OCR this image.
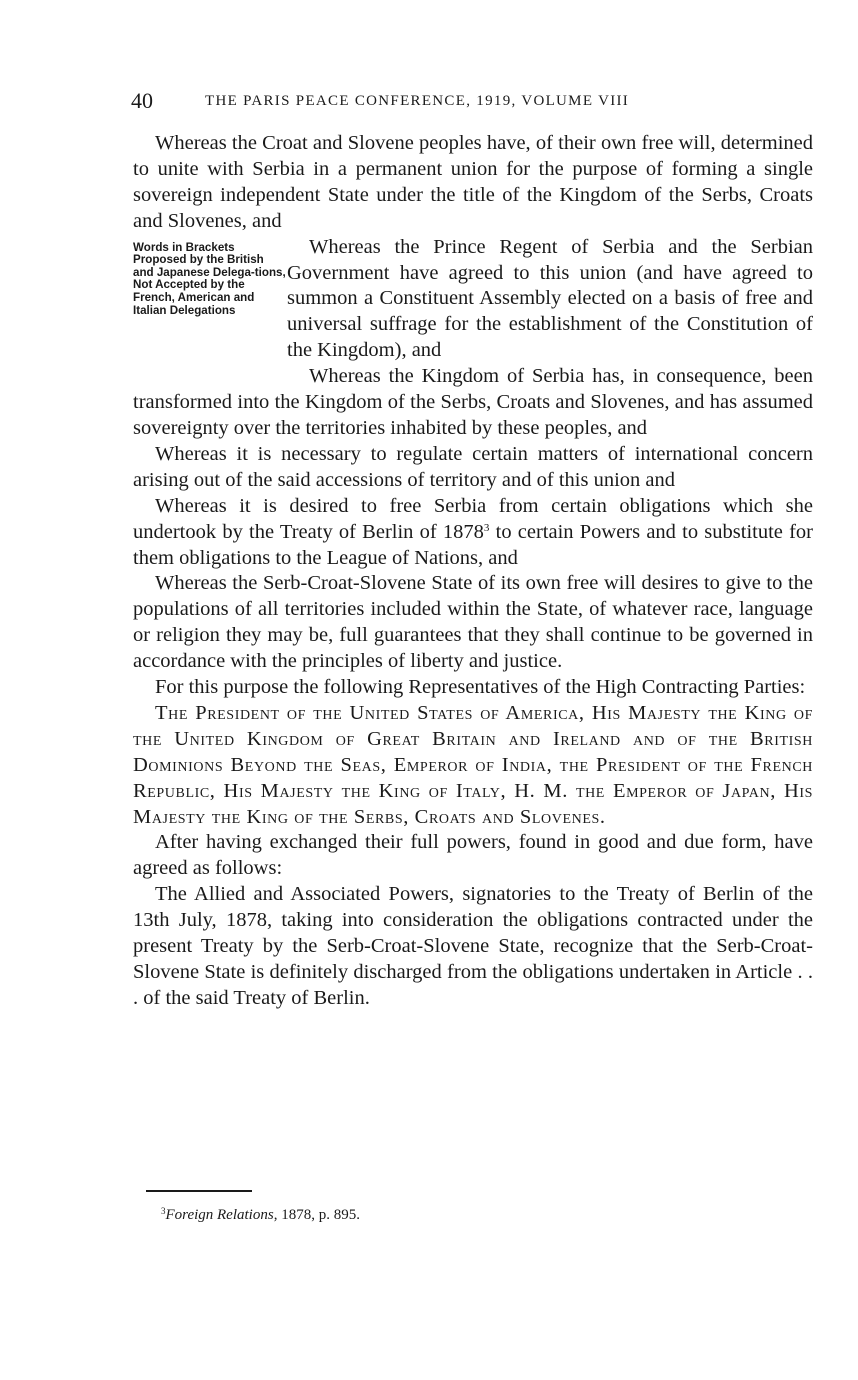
40	THE PARIS PEACE CONFERENCE, 1919, VOLUME VIII

Whereas the Croat and Slovene peoples have, of their own free will, determined to unite with Serbia in a permanent union for the purpose of forming a single sovereign independent State under the title of the Kingdom of the Serbs, Croats and Slovenes, and

Words in Brackets Proposed by the British and Japanese Delega-tions, Not Accepted by the French, American and Italian Delegations

Whereas the Prince Regent of Serbia and the Serbian Government have agreed to this union (and have agreed to summon a Constituent Assembly elected on a basis of free and universal suffrage for the establishment of the Constitution of the Kingdom), and

Whereas the Kingdom of Serbia has, in consequence, been transformed into the Kingdom of the Serbs, Croats and Slovenes, and has assumed sovereignty over the territories inhabited by these peoples, and

Whereas it is necessary to regulate certain matters of international concern arising out of the said accessions of territory and of this union and

Whereas it is desired to free Serbia from certain obligations which she undertook by the Treaty of Berlin of 1878$^3$ to certain Powers and to substitute for them obligations to the League of Nations, and

Whereas the Serb-Croat-Slovene State of its own free will desires to give to the populations of all territories included within the State, of whatever race, language or religion they may be, full guarantees that they shall continue to be governed in accordance with the principles of liberty and justice.

For this purpose the following Representatives of the High Contracting Parties:

The President of the United States of America, His Majesty the King of the United Kingdom of Great Britain and Ireland and of the British Dominions Beyond the Seas, Emperor of India, the President of the French Republic, His Majesty the King of Italy, H. M. the Emperor of Japan, His Majesty the King of the Serbs, Croats and Slovenes.

After having exchanged their full powers, found in good and due form, have agreed as follows:

The Allied and Associated Powers, signatories to the Treaty of Berlin of the 13th July, 1878, taking into consideration the obligations contracted under the present Treaty by the Serb-Croat-Slovene State, recognize that the Serb-Croat-Slovene State is definitely discharged from the obligations undertaken in Article . . . of the said Treaty of Berlin.

$^3$Foreign Relations, 1878, p. 895.
